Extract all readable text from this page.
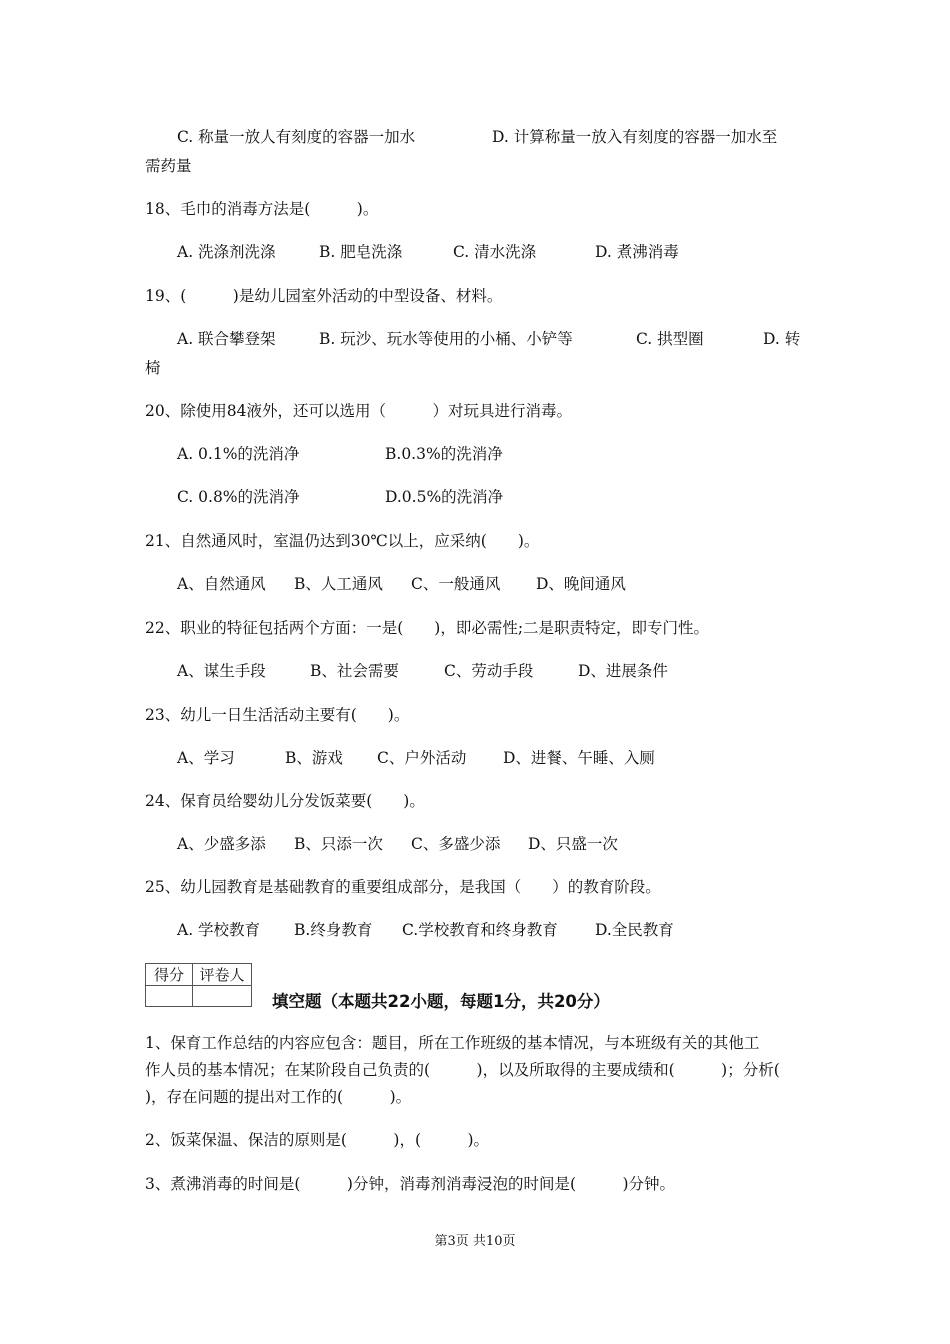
C. 称量一放人有刻度的容器一加水	D. 计算称量一放入有刻度的容器一加水至
需药量
18、毛巾的消毒方法是(　　　)。
A. 洗涤剂洗涤	B. 肥皂洗涤	C. 清水洗涤	D. 煮沸消毒
19、(　　　)是幼儿园室外活动的中型设备、材料。
A. 联合攀登架	B. 玩沙、玩水等使用的小桶、小铲等	C. 拱型圈	D. 转
椅
20、除使用84液外，还可以选用（　　　）对玩具进行消毒。
A. 0.1%的洗消净	B.0.3%的洗消净
C. 0.8%的洗消净	D.0.5%的洗消净
21、自然通风时，室温仍达到30℃以上，应采纳(　　)。
A、自然通风 B、人工通风 C、一般通风 D、晚间通风
22、职业的特征包括两个方面：一是(　　)，即必需性;二是职责特定，即专门性。
A、谋生手段	B、社会需要	C、劳动手段	D、进展条件
23、幼儿一日生活活动主要有(　　)。
A、学习	B、游戏 C、户外活动 D、进餐、午睡、入厕
24、保育员给婴幼儿分发饭菜要(　　)。
A、少盛多添 B、只添一次 C、多盛少添 D、只盛一次
25、幼儿园教育是基础教育的重要组成部分，是我国（　　）的教育阶段。
A. 学校教育 B.终身教育 C.学校教育和终身教育 D.全民教育
得分	评卷人

填空题（本题共22小题，每题1分，共20分）
1、保育工作总结的内容应包含：题目，所在工作班级的基本情况，与本班级有关的其他工
作人员的基本情况；在某阶段自己负责的(　　　)，以及所取得的主要成绩和(　　　)；分析(
)，存在问题的提出对工作的(　　　)。
2、饭菜保温、保洁的原则是(　　　)，(　　　)。
3、煮沸消毒的时间是(　　　)分钟，消毒剂消毒浸泡的时间是(　　　)分钟。
第3页 共10页
